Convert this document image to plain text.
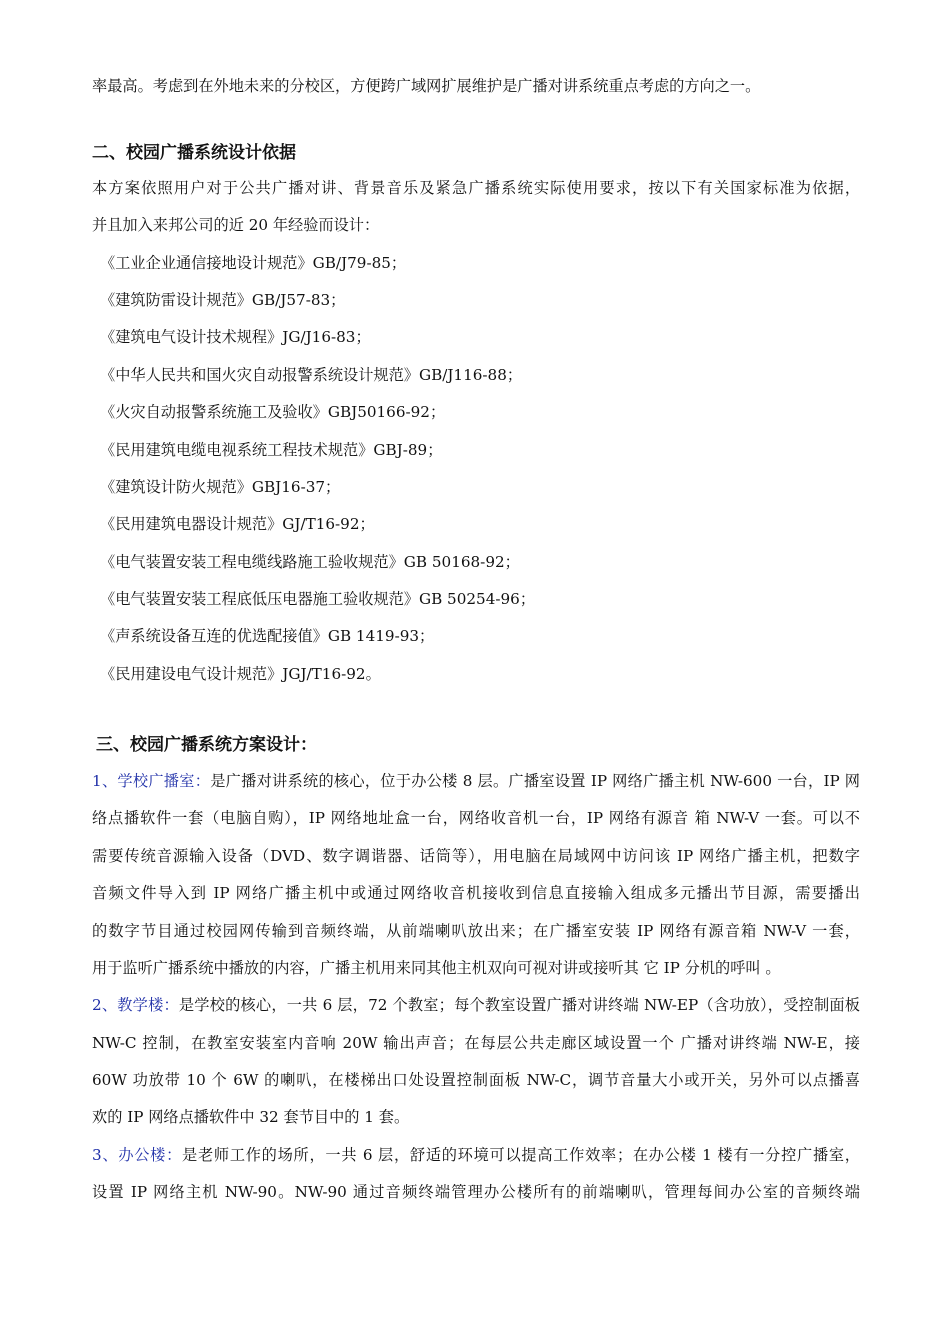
率最高。考虑到在外地未来的分校区，方便跨广域网扩展维护是广播对讲系统重点考虑的方向之一。
二、校园广播系统设计依据
本方案依照用户对于公共广播对讲、背景音乐及紧急广播系统实际使用要求，按以下有关国家标准为依据，
并且加入来邦公司的近 20 年经验而设计：
《工业企业通信接地设计规范》GB/J79-85；
《建筑防雷设计规范》GB/J57-83；
《建筑电气设计技术规程》JG/J16-83；
《中华人民共和国火灾自动报警系统设计规范》GB/J116-88；
《火灾自动报警系统施工及验收》GBJ50166-92；
《民用建筑电缆电视系统工程技术规范》GBJ-89；
《建筑设计防火规范》GBJ16-37；
《民用建筑电器设计规范》GJ/T16-92；
《电气装置安装工程电缆线路施工验收规范》GB 50168-92；
《电气装置安装工程底低压电器施工验收规范》GB 50254-96；
《声系统设备互连的优选配接值》GB 1419-93；
《民用建设电气设计规范》JGJ/T16-92。
三、校园广播系统方案设计：
1、学校广播室：是广播对讲系统的核心，位于办公楼 8 层。广播室设置 IP 网络广播主机 NW-600 一台，IP 网
络点播软件一套（电脑自购），IP 网络地址盒一台，网络收音机一台，IP 网络有源音 箱 NW-V 一套。可以不
需要传统音源输入设备（DVD、数字调谐器、话筒等），用电脑在局域网中访问该 IP 网络广播主机，把数字
音频文件导入到 IP 网络广播主机中或通过网络收音机接收到信息直接输入组成多元播出节目源，需要播出
的数字节目通过校园网传输到音频终端，从前端喇叭放出来；在广播室安装 IP 网络有源音箱 NW-V 一套，
用于监听广播系统中播放的内容，广播主机用来同其他主机双向可视对讲或接听其 它 IP 分机的呼叫 。
2、教学楼：是学校的核心，一共 6 层，72 个教室；每个教室设置广播对讲终端 NW-EP（含功放），受控制面板
NW-C 控制，在教室安装室内音响 20W 输出声音；在每层公共走廊区域设置一个 广播对讲终端 NW-E，接
60W 功放带 10 个 6W 的喇叭，在楼梯出口处设置控制面板 NW-C，调节音量大小或开关，另外可以点播喜
欢的 IP 网络点播软件中 32 套节目中的 1 套。
3、办公楼：是老师工作的场所，一共 6 层，舒适的环境可以提高工作效率；在办公楼 1 楼有一分控广播室，
设置 IP 网络主机 NW-90。NW-90 通过音频终端管理办公楼所有的前端喇叭，管理每间办公室的音频终端
